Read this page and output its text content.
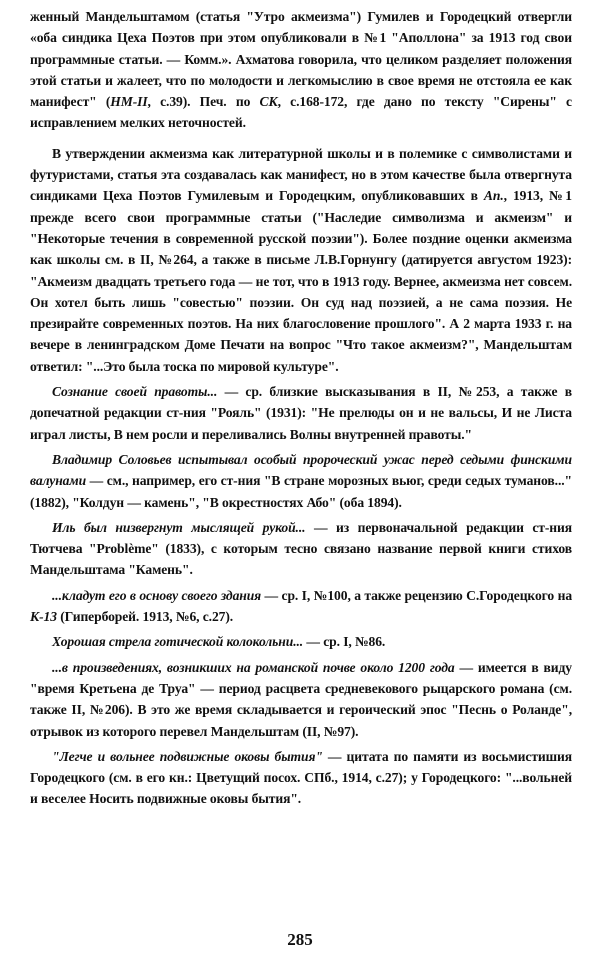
женный Мандельштамом (статья "Утро акмеизма") Гумилев и Городецкий отвергли «оба синдика Цеха Поэтов при этом опубликовали в №1 "Аполлона" за 1913 год свои программные статьи. — Комм.». Ахматова говорила, что целиком разделяет положения этой статьи и жалеет, что по молодости и легкомыслию в свое время не отстояла ее как манифест" (НМ-II, с.39). Печ. по СК, с.168-172, где дано по тексту "Сирены" с исправлением мелких неточностей.

В утверждении акмеизма как литературной школы и в полемике с символистами и футуристами, статья эта создавалась как манифест, но в этом качестве была отвергнута синдиками Цеха Поэтов Гумилевым и Городецким, опубликовавших в Ап., 1913, №1 прежде всего свои программные статьи ("Наследие символизма и акмеизм" и "Некоторые течения в современной русской поэзии"). Более поздние оценки акмеизма как школы см. в II, №264, а также в письме Л.В.Горнунгу (датируется августом 1923): "Акмеизм двадцать третьего года — не тот, что в 1913 году. Вернее, акмеизма нет совсем. Он хотел быть лишь "совестью" поэзии. Он суд над поэзией, а не сама поэзия. Не презирайте современных поэтов. На них благословение прошлого". А 2 марта 1933 г. на вечере в ленинградском Доме Печати на вопрос "Что такое акмеизм?", Мандельштам ответил: "...Это была тоска по мировой культуре".

Сознание своей правоты... — ср. близкие высказывания в II, №253, а также в допечатной редакции ст-ния "Рояль" (1931): "Не прелюды он и не вальсы, И не Листа играл листы, В нем росли и переливались Волны внутренней правоты."

Владимир Соловьев испытывал особый пророческий ужас перед седыми финскими валунами — см., например, его ст-ния "В стране морозных вьюг, среди седых туманов..." (1882), "Колдун — камень", "В окрестностях Або" (оба 1894).

Иль был низвергнут мыслящей рукой... — из первоначальной редакции ст-ния Тютчева "Problème" (1833), с которым тесно связано название первой книги стихов Мандельштама "Камень".

...кладут его в основу своего здания — ср. I, №100, а также рецензию С.Городецкого на К-13 (Гиперборей. 1913, №6, с.27).

Хорошая стрела готической колокольни... — ср. I, №86.

...в произведениях, возникших на романской почве около 1200 года — имеется в виду "время Кретьена де Труа" — период расцвета средневекового рыцарского романа (см. также II, №206). В это же время складывается и героический эпос "Песнь о Роланде", отрывок из которого перевел Мандельштам (II, №97).

"Легче и вольнее подвижные оковы бытия" — цитата по памяти из восьмистишия Городецкого (см. в его кн.: Цветущий посох. СПб., 1914, с.27); у Городецкого: "...вольней и веселее Носить подвижные оковы бытия".

285
